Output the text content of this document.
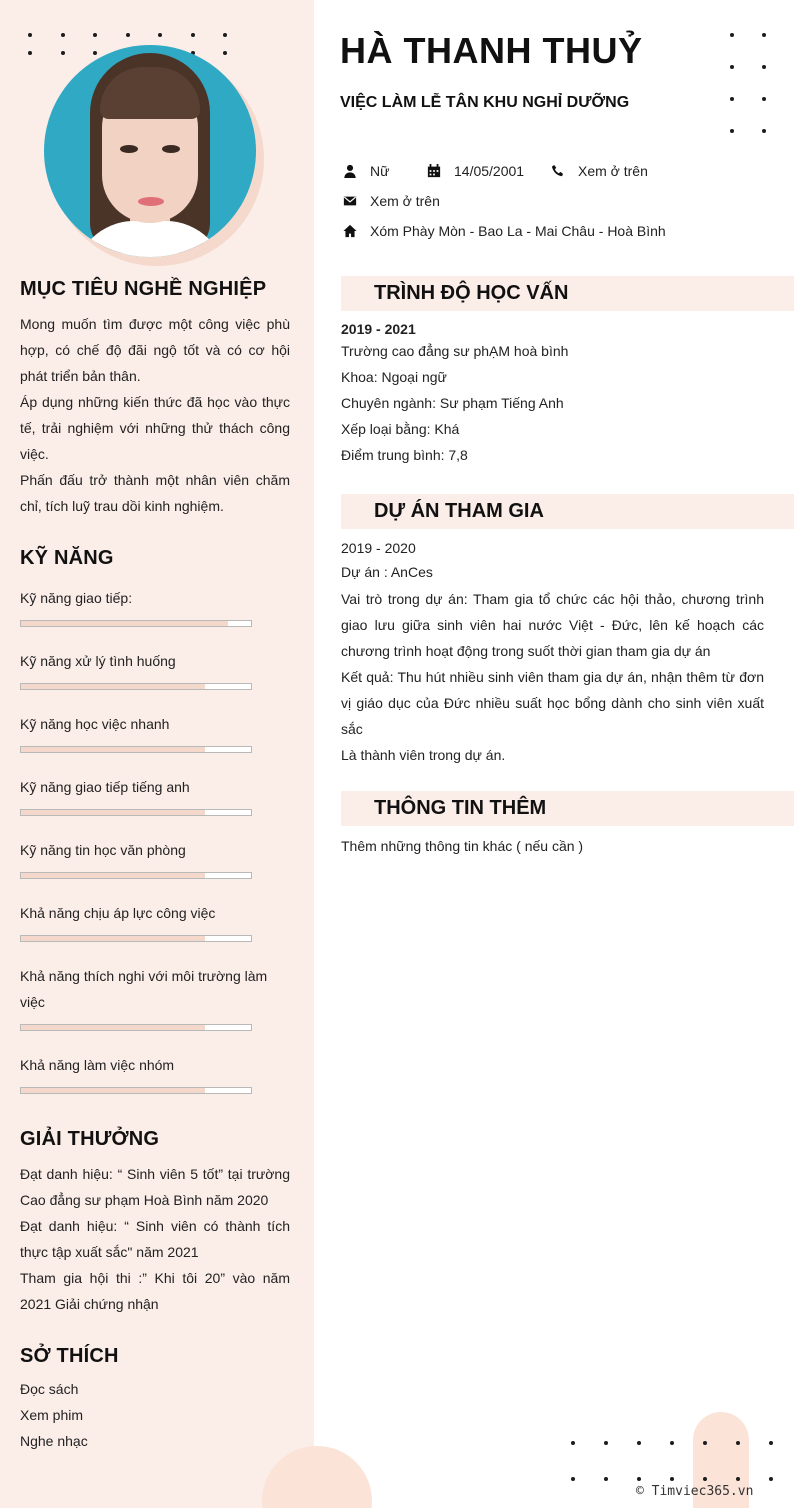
MỤC TIÊU NGHỀ NGHIỆP

Mong muốn tìm được một công việc phù hợp, có chế độ đãi ngộ tốt và có cơ hội phát triển bản thân.

Áp dụng những kiến thức đã học vào thực tế, trải nghiệm với những thử thách công việc.

Phấn đấu trở thành một nhân viên chăm chỉ, tích luỹ trau dồi kinh nghiệm.

KỸ NĂNG
Kỹ năng giao tiếp:
Kỹ năng xử lý tình huống
Kỹ năng học việc nhanh
Kỹ năng giao tiếp tiếng anh
Kỹ năng tin học văn phòng
Khả năng chịu áp lực công việc
Khả năng thích nghi với môi trường làm việc
Khả năng làm việc nhóm
GIẢI THƯỞNG

Đạt danh hiệu: “ Sinh viên 5 tốt” tại trường Cao đẳng sư phạm Hoà Bình năm 2020

Đạt danh hiệu: “ Sinh viên có thành tích thực tập xuất sắc" năm 2021

Tham gia hội thi :” Khi tôi 20” vào năm 2021 Giải chứng nhận

SỞ THÍCH

Đọc sách

Xem phim

Nghe nhạc

HÀ THANH THUỶ
VIỆC LÀM LỄ TÂN KHU NGHỈ DƯỠNG
Nữ	14/05/2001	Xem ở trên
Xem ở trên
Xóm Phày Mòn - Bao La - Mai Châu - Hoà Bình
TRÌNH ĐỘ HỌC VẤN
2019 - 2021
Trường cao đẳng sư phẠM hoà bình
Khoa: Ngoại ngữ
Chuyên ngành: Sư phạm Tiếng Anh
Xếp loại bằng: Khá
Điểm trung bình: 7,8
DỰ ÁN THAM GIA
2019 - 2020
Dự án : AnCes

Vai trò trong dự án: Tham gia tổ chức các hội thảo, chương trình giao lưu giữa sinh viên hai nước Việt - Đức, lên kế hoạch các chương trình hoạt động trong suốt thời gian tham gia dự án

Kết quả: Thu hút nhiều sinh viên tham gia dự án, nhận thêm từ đơn vị giáo dục của Đức nhiều suất học bổng dành cho sinh viên xuất sắc

Là thành viên trong dự án.

THÔNG TIN THÊM
Thêm những thông tin khác ( nếu cần )
© Timviec365.vn
